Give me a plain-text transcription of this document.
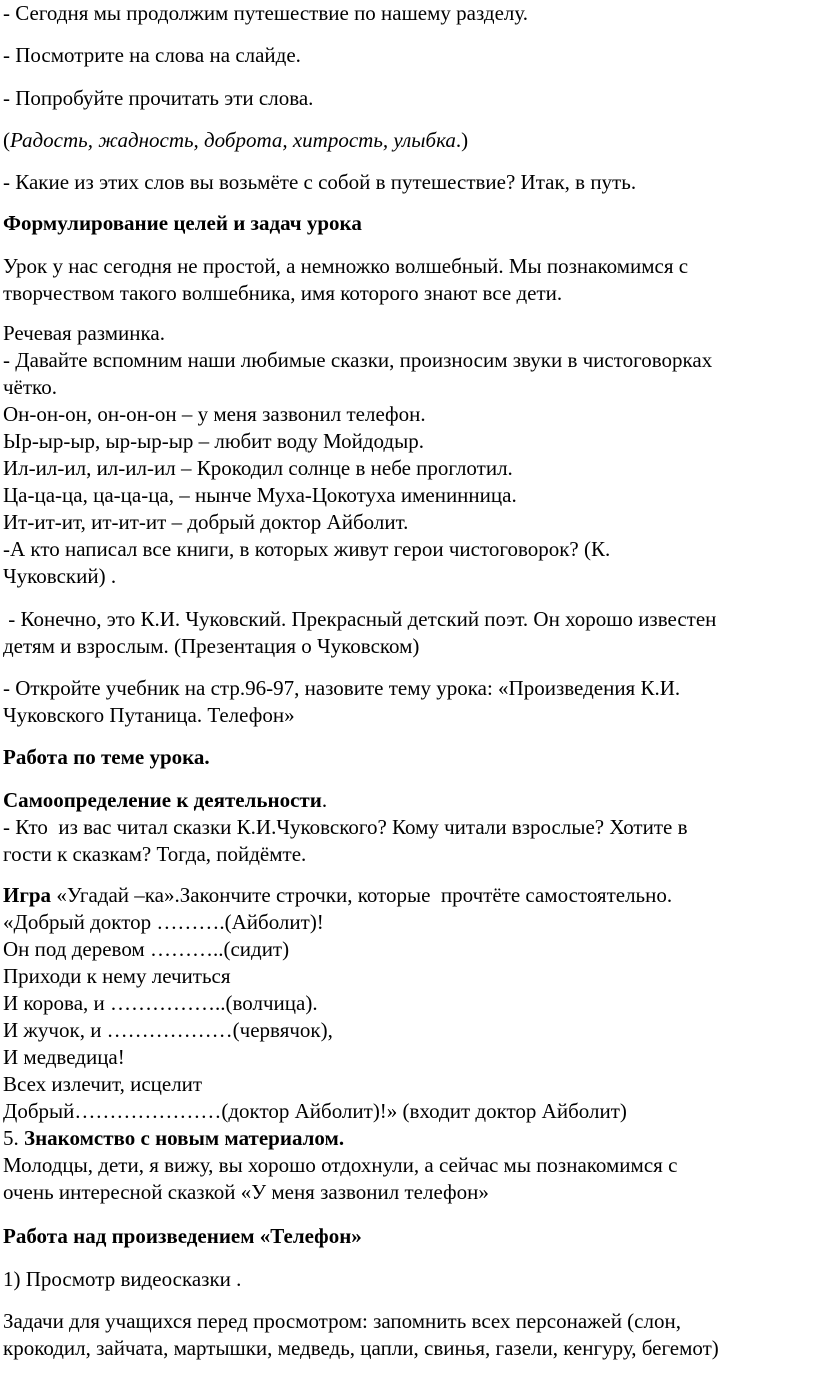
- Сегодня мы продолжим путешествие по нашему разделу.

- Посмотрите на слова на слайде.

- Попробуйте прочитать эти слова.

(Радость, жадность, доброта, хитрость, улыбка.)

- Какие из этих слов вы возьмёте с собой в путешествие? Итак, в путь.

Формулирование целей и задач урока

Урок у нас сегодня не простой, а немножко волшебный. Мы познакомимся с
творчеством такого волшебника, имя которого знают все дети.

Речевая разминка.
- Давайте вспомним наши любимые сказки, произносим звуки в чистоговорках
чётко.
Он-он-он, он-он-он – у меня зазвонил телефон.
Ыр-ыр-ыр, ыр-ыр-ыр – любит воду Мойдодыр.
Ил-ил-ил, ил-ил-ил – Крокодил солнце в небе проглотил.
Ца-ца-ца, ца-ца-ца, – нынче Муха-Цокотуха именинница.
Ит-ит-ит, ит-ит-ит – добрый доктор Айболит.
-А кто написал все книги, в которых живут герои чистоговорок? (К.
Чуковский) .

- Конечно, это К.И. Чуковский. Прекрасный детский поэт. Он хорошо известен
детям и взрослым. (Презентация о Чуковском)

- Откройте учебник на стр.96-97, назовите тему урока: «Произведения К.И.
Чуковского Путаница. Телефон»

Работа по теме урока.

Самоопределение к деятельности.
- Кто  из вас читал сказки К.И.Чуковского? Кому читали взрослые? Хотите в
гости к сказкам? Тогда, пойдёмте.

Игра «Угадай –ка».Закончите строчки, которые  прочтёте самостоятельно.
«Добрый доктор ……….(Айболит)!
Он под деревом ………..(сидит)
Приходи к нему лечиться
И корова, и ……………..(волчица).
И жучок, и ………………(червячок),
И медведица!
Всех излечит, исцелит
Добрый…………………(доктор Айболит)!» (входит доктор Айболит)
5. Знакомство с новым материалом.
Молодцы, дети, я вижу, вы хорошо отдохнули, а сейчас мы познакомимся с
очень интересной сказкой «У меня зазвонил телефон»

Работа над произведением «Телефон»

1) Просмотр видеосказки .

Задачи для учащихся перед просмотром: запомнить всех персонажей (слон,
крокодил, зайчата, мартышки, медведь, цапли, свинья, газели, кенгуру, бегемот)
